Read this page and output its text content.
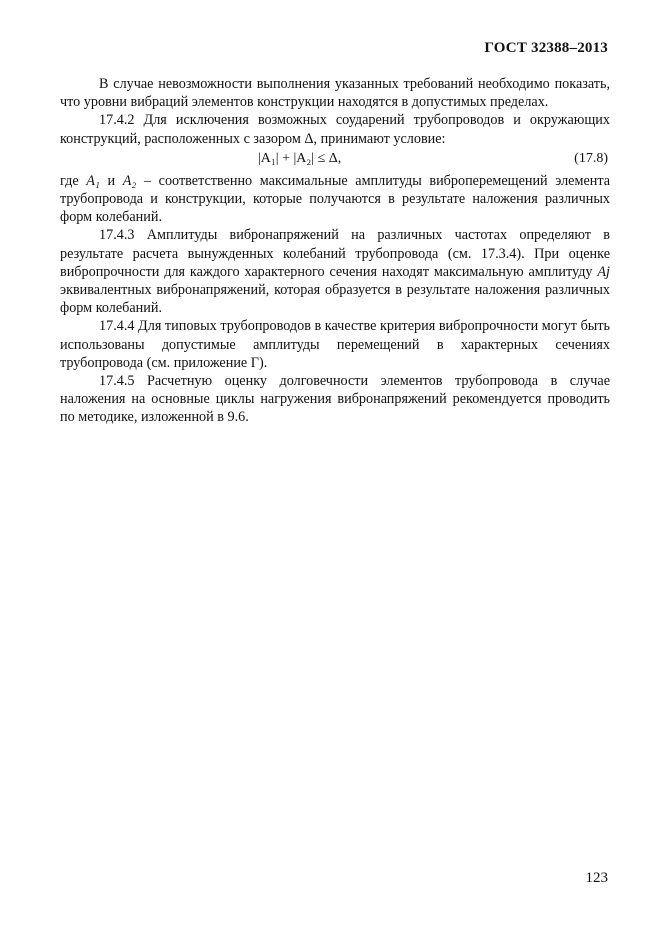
ГОСТ 32388–2013

В случае невозможности выполнения указанных требований необходимо показать, что уровни вибраций элементов конструкции находятся в допустимых пределах.

17.4.2 Для исключения возможных соударений трубопроводов и окружающих конструкций, расположенных с зазором Δ, принимают условие:

|A₁| + |A₂| ≤ Δ,	(17.8)

где A₁ и A₂ – соответственно максимальные амплитуды виброперемещений элемента трубопровода и конструкции, которые получаются в результате наложения различных форм колебаний.

17.4.3 Амплитуды вибронапряжений на различных частотах определяют в результате расчета вынужденных колебаний трубопровода (см. 17.3.4). При оценке вибропрочности для каждого характерного сечения находят максимальную амплитуду Aj эквивалентных вибронапряжений, которая образуется в результате наложения различных форм колебаний.

17.4.4 Для типовых трубопроводов в качестве критерия вибропрочности могут быть использованы допустимые амплитуды перемещений в характерных сечениях трубопровода (см. приложение Г).

17.4.5 Расчетную оценку долговечности элементов трубопровода в случае наложения на основные циклы нагружения вибронапряжений рекомендуется проводить по методике, изложенной в 9.6.

123
